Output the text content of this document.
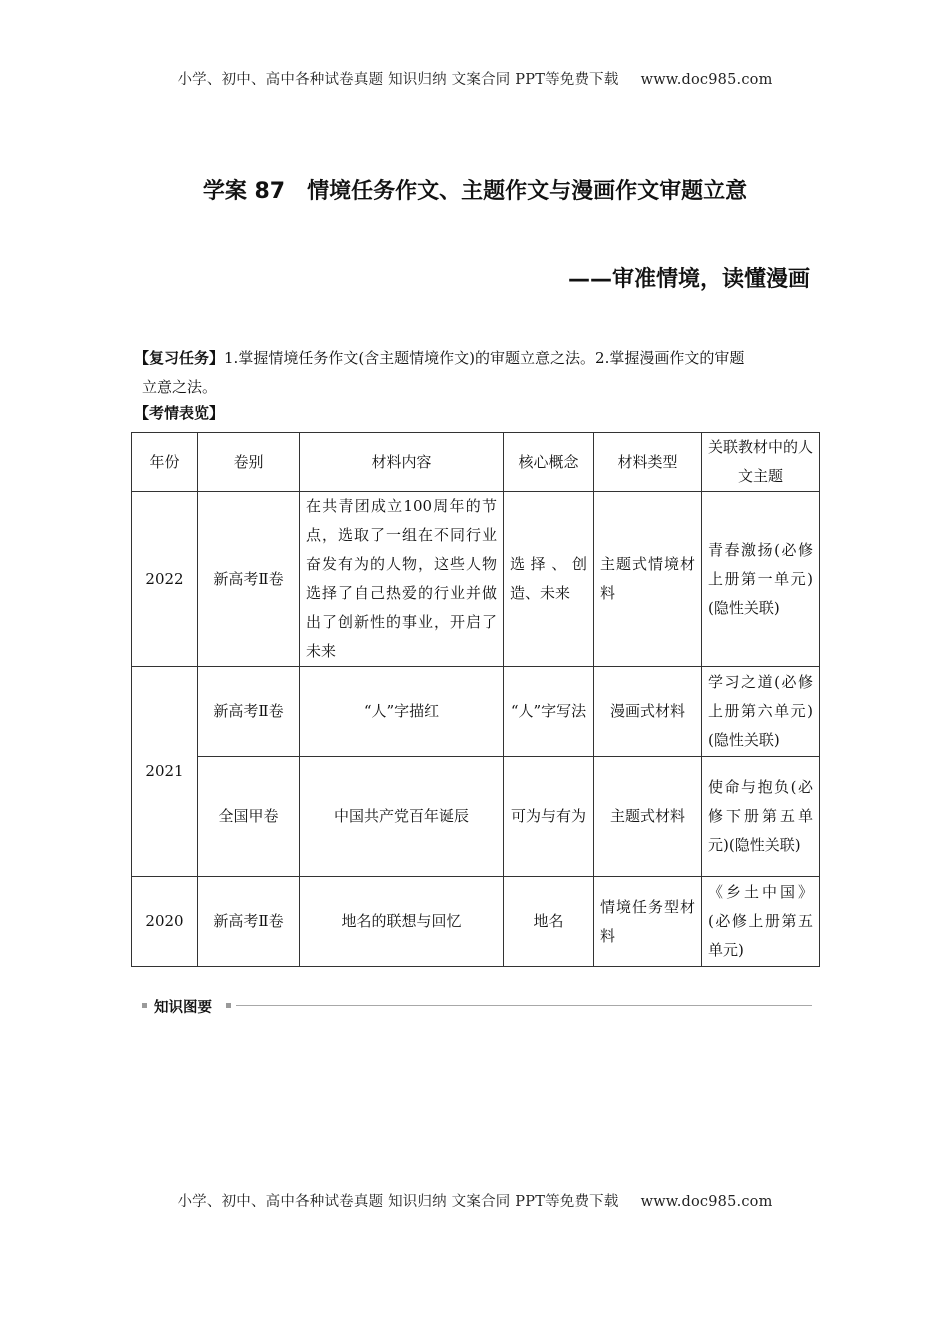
小学、初中、高中各种试卷真题 知识归纳 文案合同 PPT等免费下载 www.doc985.com
学案 87 情境任务作文、主题作文与漫画作文审题立意
——审准情境，读懂漫画
【复习任务】1.掌握情境任务作文(含主题情境作文)的审题立意之法。2.掌握漫画作文的审题
立意之法。
【考情表览】
年份	卷别	材料内容	核心概念	材料类型	关联教材中的人文主题
2022	新高考Ⅱ卷	在共青团成立100周年的节点，选取了一组在不同行业奋发有为的人物，这些人物选择了自己热爱的行业并做出了创新性的事业，开启了未来	选择、创造、未来	主题式情境材料	青春激扬(必修上册第一单元)(隐性关联)
2021	新高考Ⅱ卷	“人”字描红	“人”字写法	漫画式材料	学习之道(必修上册第六单元)(隐性关联)
	全国甲卷	中国共产党百年诞辰	可为与有为	主题式材料	使命与抱负(必修下册第五单元)(隐性关联)
2020	新高考Ⅱ卷	地名的联想与回忆	地名	情境任务型材料	《乡土中国》(必修上册第五单元)
知识图要
小学、初中、高中各种试卷真题 知识归纳 文案合同 PPT等免费下载 www.doc985.com
